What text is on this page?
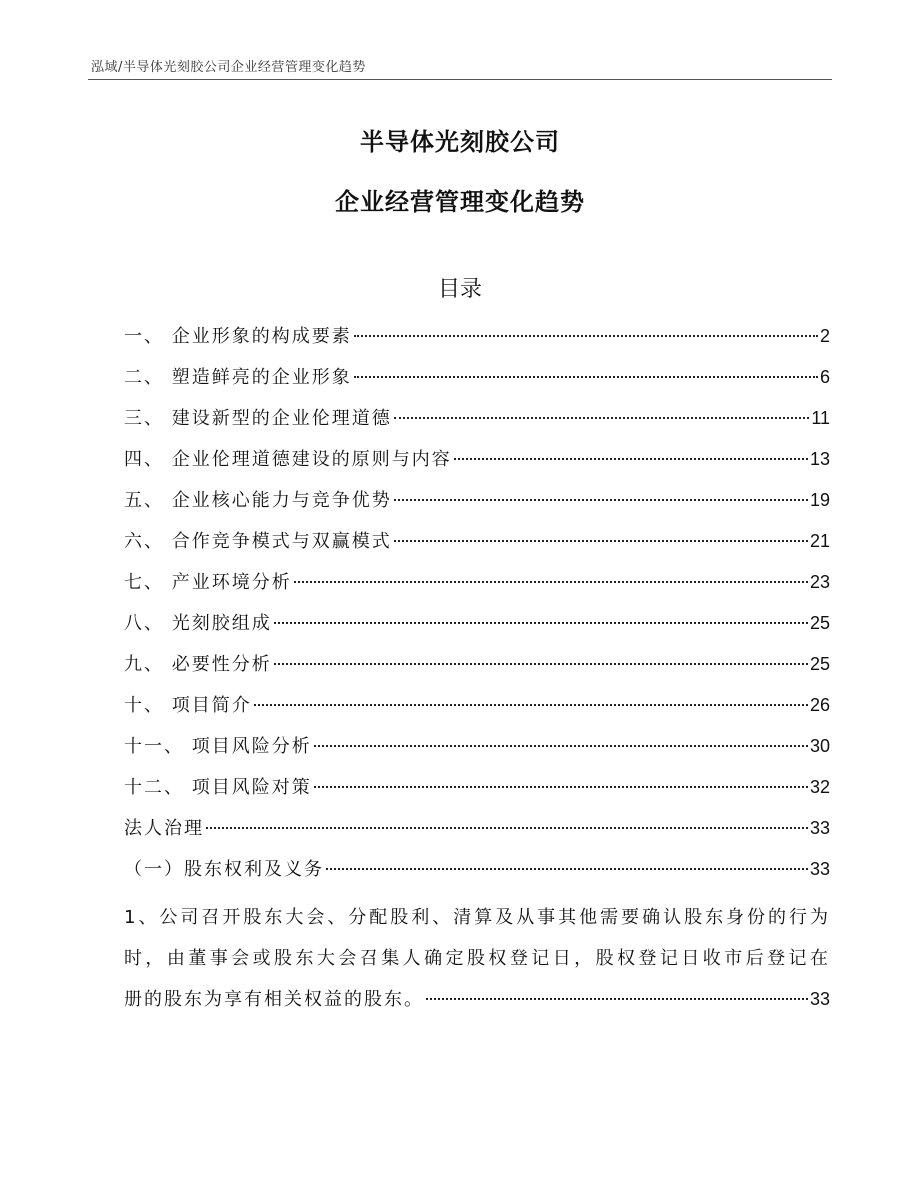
泓域/半导体光刻胶公司企业经营管理变化趋势
半导体光刻胶公司
企业经营管理变化趋势
目录
一、 企业形象的构成要素	2
二、 塑造鲜亮的企业形象	6
三、 建设新型的企业伦理道德	11
四、 企业伦理道德建设的原则与内容	13
五、 企业核心能力与竞争优势	19
六、 合作竞争模式与双赢模式	21
七、 产业环境分析	23
八、 光刻胶组成	25
九、 必要性分析	25
十、 项目简介	26
十一、 项目风险分析	30
十二、 项目风险对策	32
法人治理	33
（一）股东权利及义务	33
1、公司召开股东大会、分配股利、清算及从事其他需要确认股东身份的行为
时，由董事会或股东大会召集人确定股权登记日，股权登记日收市后登记在
册的股东为享有相关权益的股东。	33
